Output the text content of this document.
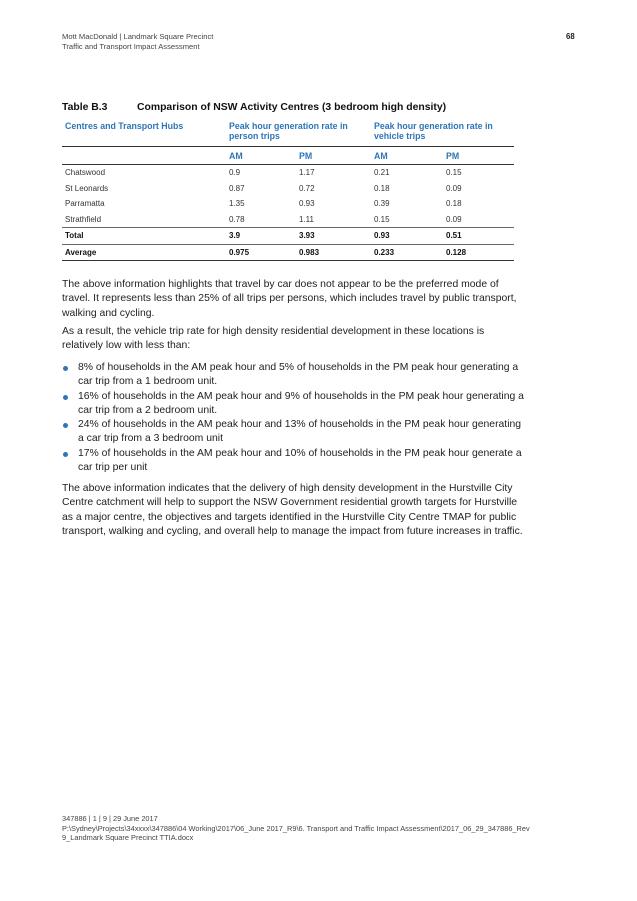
Mott MacDonald | Landmark Square Precinct
Traffic and Transport Impact Assessment
68
Table B.3	Comparison of NSW Activity Centres (3 bedroom high density)
Centres and Transport Hubs	Peak hour generation rate in person trips		Peak hour generation rate in vehicle trips	
	AM	PM	AM	PM
Chatswood	0.9	1.17	0.21	0.15
St Leonards	0.87	0.72	0.18	0.09
Parramatta	1.35	0.93	0.39	0.18
Strathfield	0.78	1.11	0.15	0.09
Total	3.9	3.93	0.93	0.51
Average	0.975	0.983	0.233	0.128

The above information highlights that travel by car does not appear to be the preferred mode of travel. It represents less than 25% of all trips per persons, which includes travel by public transport, walking and cycling.

As a result, the vehicle trip rate for high density residential development in these locations is relatively low with less than:

8% of households in the AM peak hour and 5% of households in the PM peak hour generating a car trip from a 1 bedroom unit.
16% of households in the AM peak hour and 9% of households in the PM peak hour generating a car trip from a 2 bedroom unit.
24% of households in the AM peak hour and 13% of households in the PM peak hour generating a car trip from a 3 bedroom unit
17% of households in the AM peak hour and 10% of households in the PM peak hour generate a car trip per unit

The above information indicates that the delivery of high density development in the Hurstville City Centre catchment will help to support the NSW Government residential growth targets for Hurstville as a major centre, the objectives and targets identified in the Hurstville City Centre TMAP for public transport, walking and cycling, and overall help to manage the impact from future increases in traffic.

347886 | 1 | 9 | 29 June 2017
P:\Sydney\Projects\34xxxx\347886\04 Working\2017\06_June 2017_R9\6. Transport and Traffic Impact Assessment\2017_06_29_347886_Rev 9_Landmark Square Precinct TTIA.docx
